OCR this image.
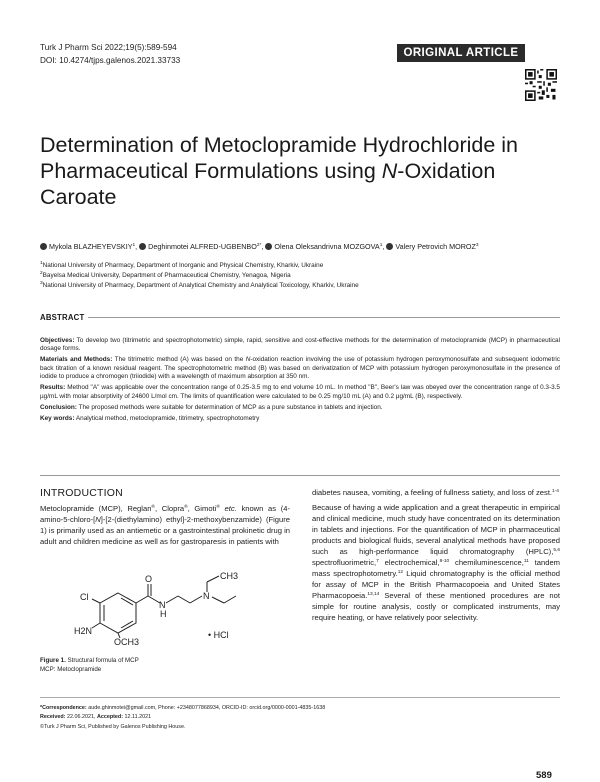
Turk J Pharm Sci 2022;19(5):589-594
DOI: 10.4274/tjps.galenos.2021.33733
ORIGINAL ARTICLE
Determination of Metoclopramide Hydrochloride in Pharmaceutical Formulations using N-Oxidation Caroate
Mykola BLAZHEYEVSKIY$^1$, Deghinmotei ALFRED-$UGBENBO^{2*}$, Olena Oleksandrivna MOZGOVA$^1$, Valery Petrovich MOROZ$^3$
$^1$National University of Pharmacy, Department of Inorganic and Physical Chemistry, Kharkiv, Ukraine
$^2$Bayelsa Medical University, Department of Pharmaceutical Chemistry, Yenagoa, Nigeria
$^3$National University of Pharmacy, Department of Analytical Chemistry and Analytical Toxicology, Kharkiv, Ukraine
ABSTRACT

Objectives: To develop two (titrimetric and spectrophotometric) simple, rapid, sensitive and cost-effective methods for the determination of metoclopramide (MCP) in pharmaceutical dosage forms.

Materials and Methods: The titrimetric method (A) was based on the N-oxidation reaction involving the use of potassium hydrogen peroxymonosulfate and subsequent iodometric back titration of a known residual reagent. The spectrophotometric method (B) was based on derivatization of MCP with potassium hydrogen peroxymonosulfate in the presence of iodide to produce a chromogen (triiodide) with a wavelength of maximum absorption at 350 nm.

Results: Method "A" was applicable over the concentration range of 0.25-3.5 mg to end volume 10 mL. In method "B", Beer's law was obeyed over the concentration range of 0.3-3.5 µg/mL with molar absorptivity of 24600 L/mol cm. The limits of quantification were calculated to be 0.25 mg/10 mL (A) and 0.2 µg/mL (B), respectively.

Conclusion: The proposed methods were suitable for determination of MCP as a pure substance in tablets and injection.

Key words: Analytical method, metoclopramide, titrimetry, spectrophotometry

INTRODUCTION
Metoclopramide (MCP), Reglan®, Clopra®, Gimoti® etc. known as (4-amino-5-chloro-[N]-[2-(diethylamino) ethyl]-2-methoxybenzamide) (Figure 1) is primarily used as an antiemetic or a gastrointestinal prokinetic drug in adult and children medicine as well as for gastroparesis in patients with

diabetes nausea, vomiting, a feeling of fullness satiety, and loss of zest.$^{1-4}$

Because of having a wide application and a great therapeutic in empirical and clinical medicine, much study have concentrated on its determination in tablets and injections. For the quantification of MCP in pharmaceutical products and biological fluids, several analytical methods have proposed such as high-performance liquid chromatography (HPLC),$^{5,6}$ spectrofluorimetric,$^7$ electrochemical,$^{8-10}$ chemiluminescence,$^{11}$ tandem mass spectrophotometry.$^{12}$ Liquid chromatography is the official method for assay of MCP in the British Pharmacopoeia and United States Pharmacopoeia.$^{13,14}$ Several of these mentioned procedures are not simple for routine analysis, costly or complicated instruments, may require heating, or have relatively poor selectivity.

Cl
H2N
OCH3
O
N
H
N
CH3
• HCl
Figure 1. Structural formula of MCP
MCP: Metoclopramide
*Correspondence: aude.ghinmotei@gmail.com, Phone: +2348077868934, ORCID-ID: orcid.org/0000-0001-4835-1638
Received: 22.06.2021, Accepted: 12.11.2021
©Turk J Pharm Sci, Published by Galenos Publishing House.
589
